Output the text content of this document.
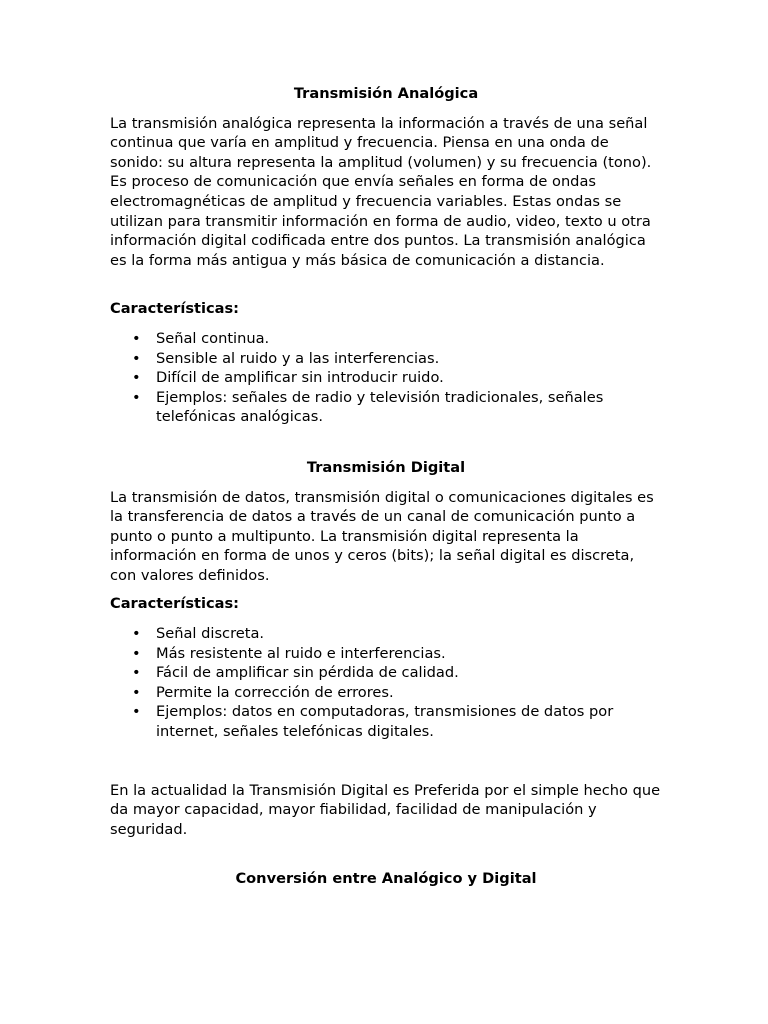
Transmisión Analógica

La transmisión analógica representa la información a través de una señal continua que varía en amplitud y frecuencia. Piensa en una onda de sonido: su altura representa la amplitud (volumen) y su frecuencia (tono). Es proceso de comunicación que envía señales en forma de ondas electromagnéticas de amplitud y frecuencia variables. Estas ondas se utilizan para transmitir información en forma de audio, video, texto u otra información digital codificada entre dos puntos. La transmisión analógica es la forma más antigua y más básica de comunicación a distancia.

Características:

• Señal continua.
• Sensible al ruido y a las interferencias.
• Difícil de amplificar sin introducir ruido.
• Ejemplos: señales de radio y televisión tradicionales, señales telefónicas analógicas.
Transmisión Digital

La transmisión de datos, transmisión digital o comunicaciones digitales es la transferencia de datos a través de un canal de comunicación punto a punto o punto a multipunto. La transmisión digital representa la información en forma de unos y ceros (bits); la señal digital es discreta, con valores definidos.

Características:

• Señal discreta.
• Más resistente al ruido e interferencias.
• Fácil de amplificar sin pérdida de calidad.
• Permite la corrección de errores.
• Ejemplos: datos en computadoras, transmisiones de datos por internet, señales telefónicas digitales.

En la actualidad la Transmisión Digital es Preferida por el simple hecho que da mayor capacidad, mayor fiabilidad, facilidad de manipulación y seguridad.

Conversión entre Analógico y Digital
